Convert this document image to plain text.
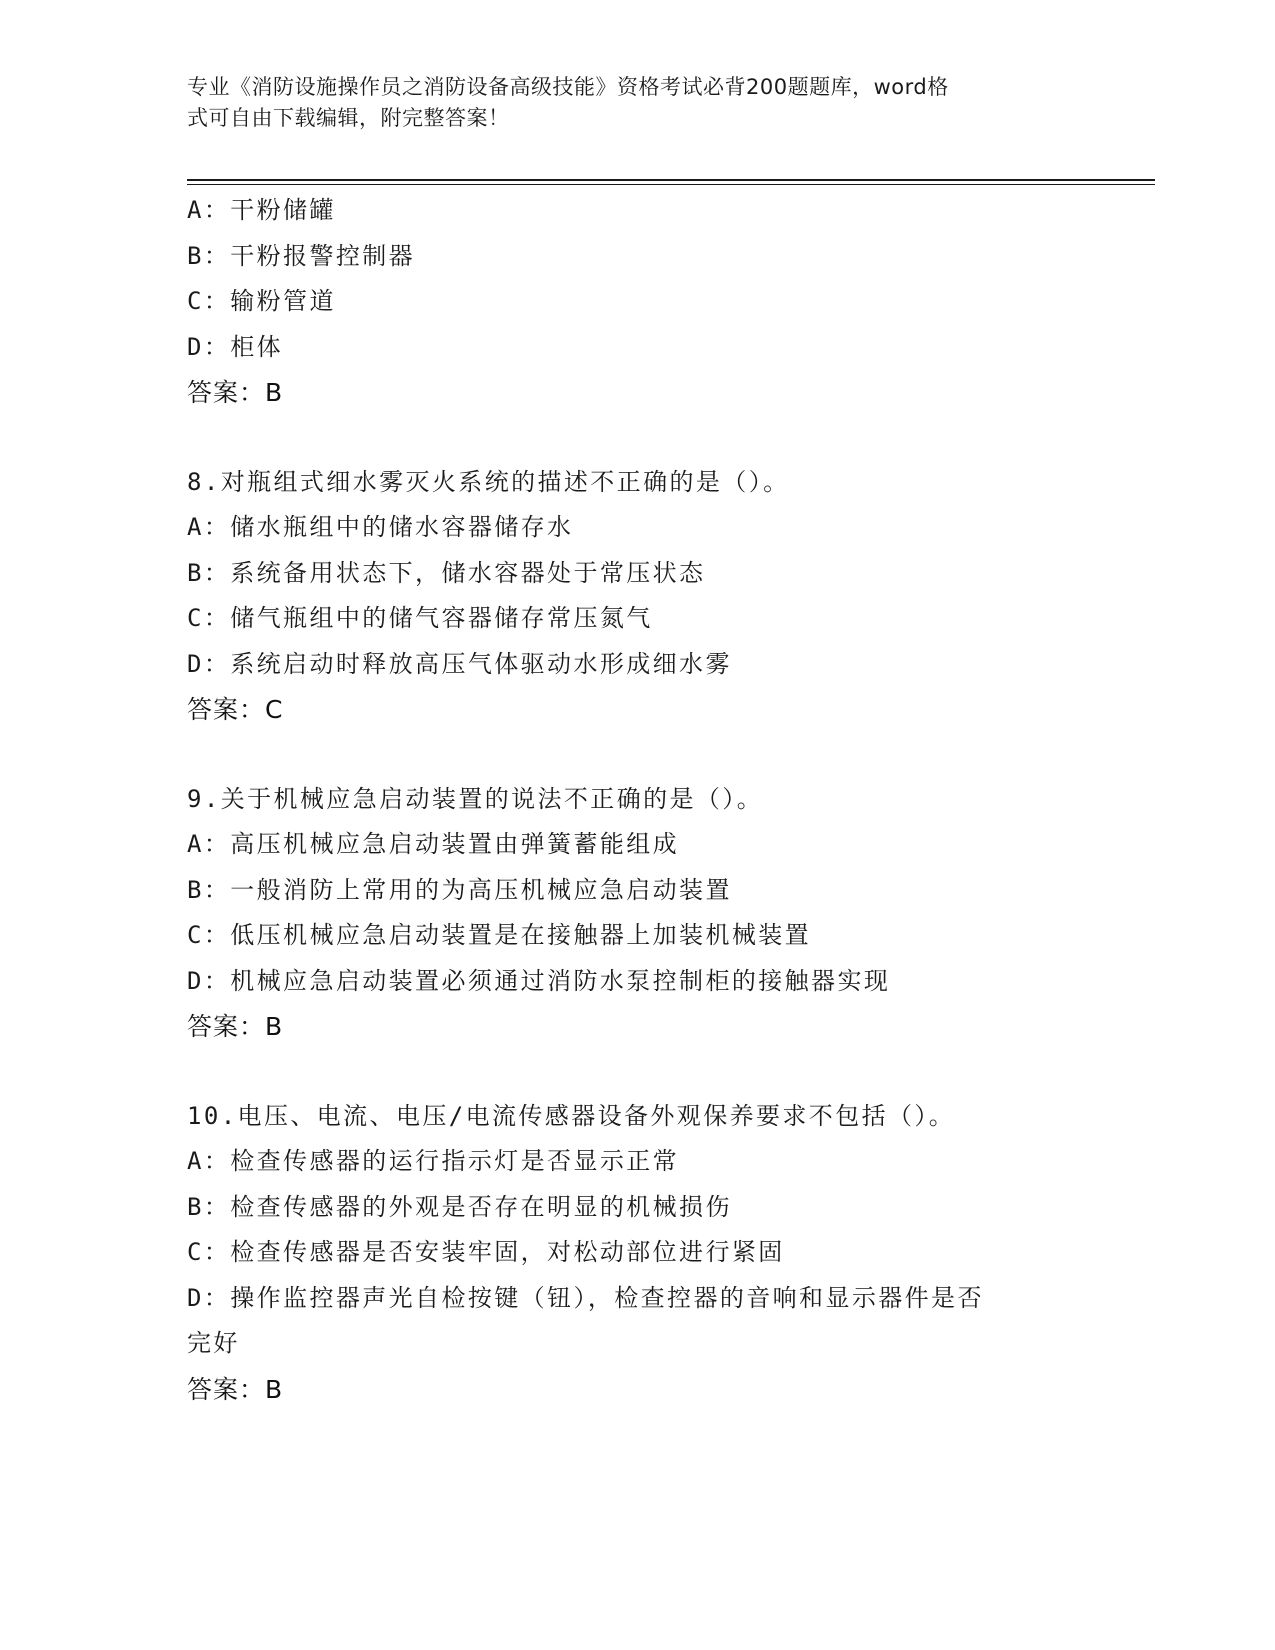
专业《消防设施操作员之消防设备高级技能》资格考试必背200题题库，word格
式可自由下载编辑，附完整答案！
A：干粉储罐
B：干粉报警控制器
C：输粉管道
D：柜体
答案：B
8.对瓶组式细水雾灭火系统的描述不正确的是（）。
A：储水瓶组中的储水容器储存水
B：系统备用状态下，储水容器处于常压状态
C：储气瓶组中的储气容器储存常压氮气
D：系统启动时释放高压气体驱动水形成细水雾
答案：C
9.关于机械应急启动装置的说法不正确的是（）。
A：高压机械应急启动装置由弹簧蓄能组成
B：一般消防上常用的为高压机械应急启动装置
C：低压机械应急启动装置是在接触器上加装机械装置
D：机械应急启动装置必须通过消防水泵控制柜的接触器实现
答案：B
10.电压、电流、电压/电流传感器设备外观保养要求不包括（）。
A：检查传感器的运行指示灯是否显示正常
B：检查传感器的外观是否存在明显的机械损伤
C：检查传感器是否安装牢固，对松动部位进行紧固
D：操作监控器声光自检按键（钮），检查控器的音响和显示器件是否
完好
答案：B
